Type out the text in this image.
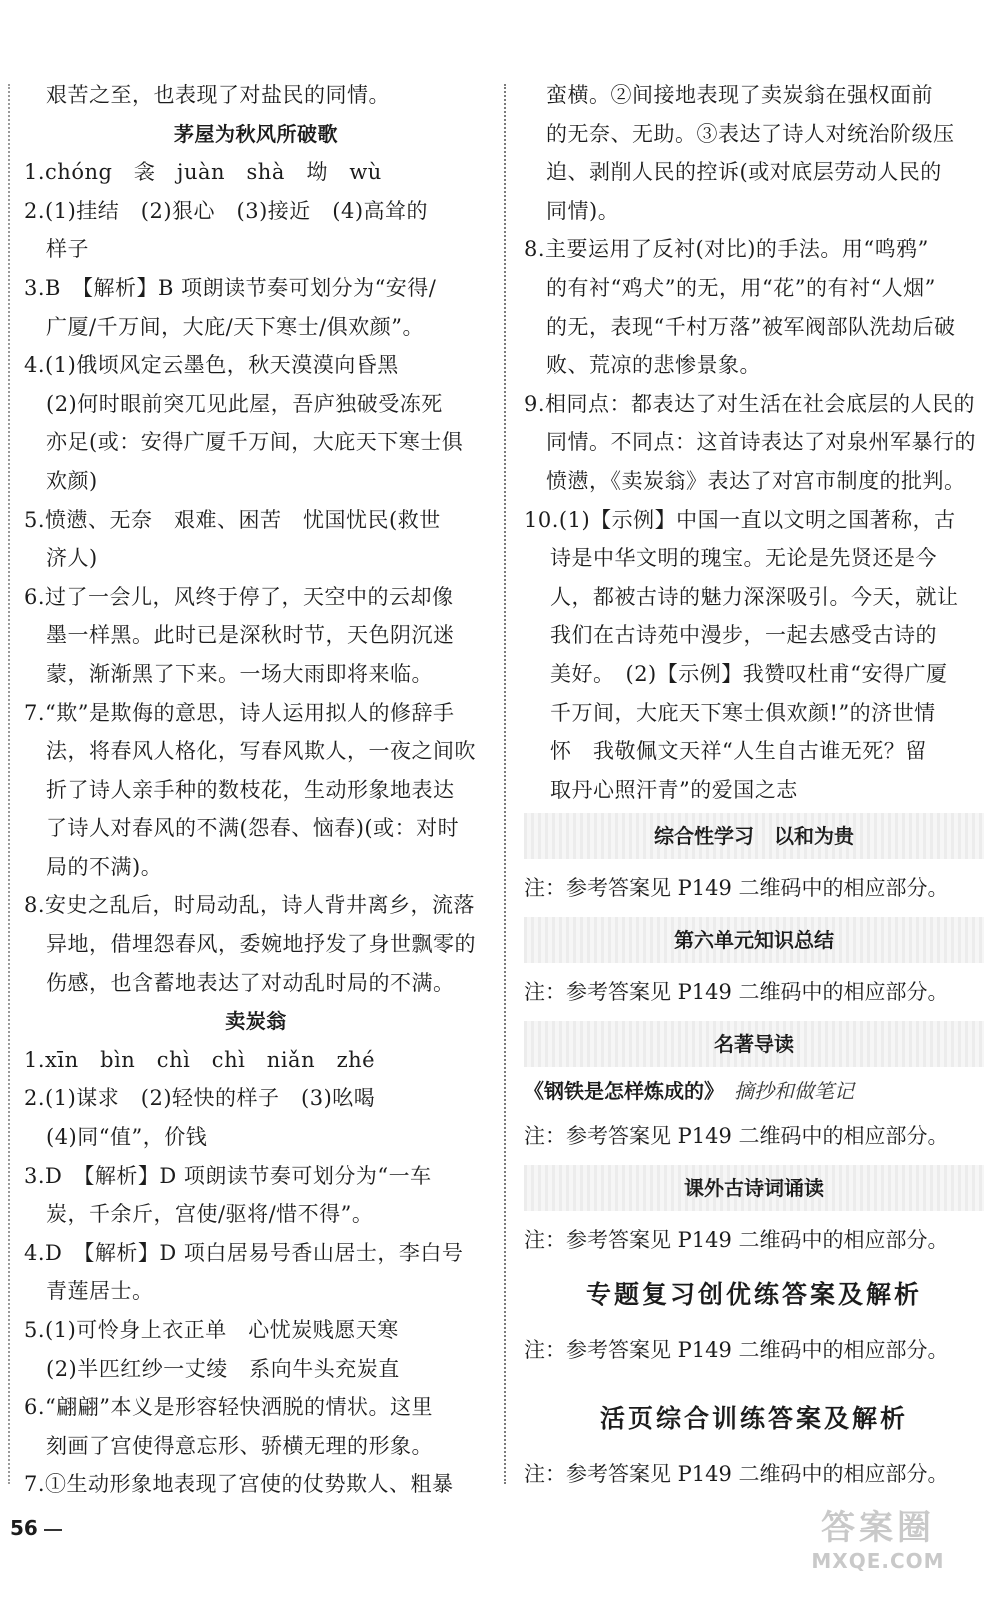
艰苦之至，也表现了对盐民的同情。
茅屋为秋风所破歌
1.chóng　衾　juàn　shà　坳　wù
2.(1)挂结　(2)狠心　(3)接近　(4)高耸的
样子
3.B　【解析】B 项朗读节奏可划分为“安得/
广厦/千万间，大庇/天下寒士/俱欢颜”。
4.(1)俄顷风定云墨色，秋天漠漠向昏黑
(2)何时眼前突兀见此屋，吾庐独破受冻死
亦足(或：安得广厦千万间，大庇天下寒士俱
欢颜)
5.愤懑、无奈　艰难、困苦　忧国忧民(救世
济人)
6.过了一会儿，风终于停了，天空中的云却像
墨一样黑。此时已是深秋时节，天色阴沉迷
蒙，渐渐黑了下来。一场大雨即将来临。
7.“欺”是欺侮的意思，诗人运用拟人的修辞手
法，将春风人格化，写春风欺人，一夜之间吹
折了诗人亲手种的数枝花，生动形象地表达
了诗人对春风的不满(怨春、恼春)(或：对时
局的不满)。
8.安史之乱后，时局动乱，诗人背井离乡，流落
异地，借埋怨春风，委婉地抒发了身世飘零的
伤感，也含蓄地表达了对动乱时局的不满。
卖炭翁
1.xīn　bìn　chì　chì　niǎn　zhé
2.(1)谋求　(2)轻快的样子　(3)吆喝
(4)同“值”，价钱
3.D　【解析】D 项朗读节奏可划分为“一车
炭，千余斤，宫使/驱将/惜不得”。
4.D　【解析】D 项白居易号香山居士，李白号
青莲居士。
5.(1)可怜身上衣正单　心忧炭贱愿天寒
(2)半匹红纱一丈绫　系向牛头充炭直
6.“翩翩”本义是形容轻快洒脱的情状。这里
刻画了宫使得意忘形、骄横无理的形象。
7.①生动形象地表现了宫使的仗势欺人、粗暴
蛮横。②间接地表现了卖炭翁在强权面前
的无奈、无助。③表达了诗人对统治阶级压
迫、剥削人民的控诉(或对底层劳动人民的
同情)。
8.主要运用了反衬(对比)的手法。用“鸣鸦”
的有衬“鸡犬”的无，用“花”的有衬“人烟”
的无，表现“千村万落”被军阀部队洗劫后破
败、荒凉的悲惨景象。
9.相同点：都表达了对生活在社会底层的人民的
同情。不同点：这首诗表达了对泉州军暴行的
愤懑，《卖炭翁》表达了对宫市制度的批判。
10.(1)【示例】中国一直以文明之国著称，古
诗是中华文明的瑰宝。无论是先贤还是今
人，都被古诗的魅力深深吸引。今天，就让
我们在古诗苑中漫步，一起去感受古诗的
美好。　(2)【示例】我赞叹杜甫“安得广厦
千万间，大庇天下寒士俱欢颜!”的济世情
怀　我敬佩文天祥“人生自古谁无死？留
取丹心照汗青”的爱国之志
综合性学习　以和为贵
注：参考答案见 P149 二维码中的相应部分。
第六单元知识总结
注：参考答案见 P149 二维码中的相应部分。
名著导读
《钢铁是怎样炼成的》 摘抄和做笔记
注：参考答案见 P149 二维码中的相应部分。
课外古诗词诵读
注：参考答案见 P149 二维码中的相应部分。
专题复习创优练答案及解析
注：参考答案见 P149 二维码中的相应部分。
活页综合训练答案及解析
注：参考答案见 P149 二维码中的相应部分。
56	答案圈
MXQE.COM
